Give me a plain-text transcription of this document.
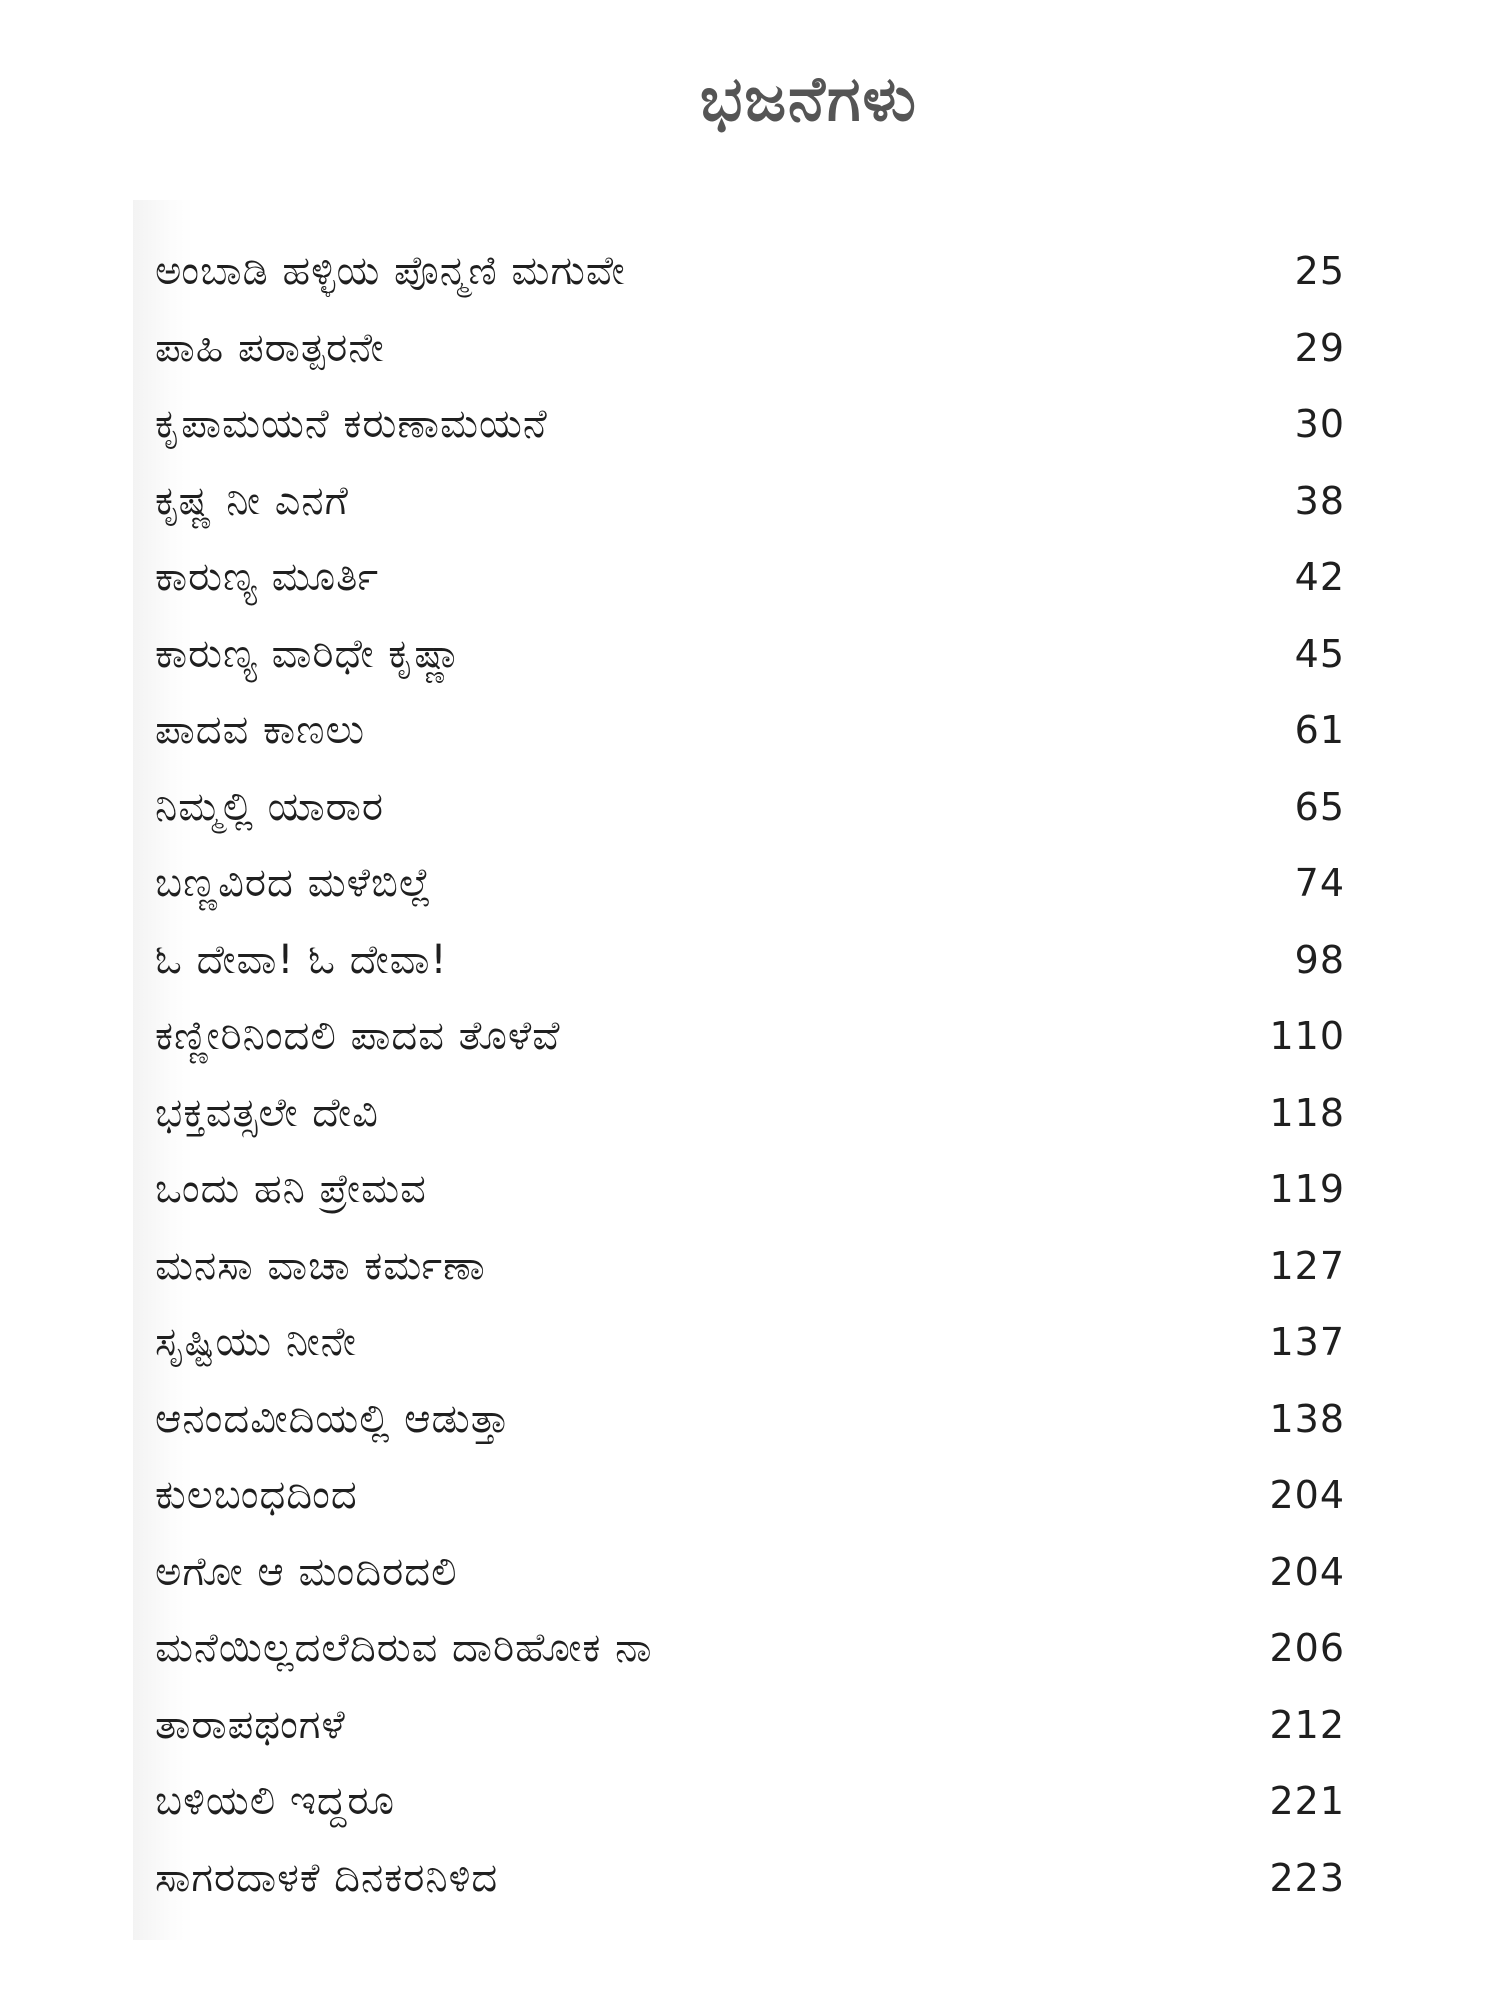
ಭಜನೆಗಳು
ಅಂಬಾಡಿ ಹಳ್ಳಿಯ ಪೊನ್ಮಣಿ ಮಗುವೇ	25
ಪಾಹಿ ಪರಾತ್ಪರನೇ	29
ಕೃಪಾಮಯನೆ ಕರುಣಾಮಯನೆ	30
ಕೃಷ್ಣ ನೀ ಎನಗೆ	38
ಕಾರುಣ್ಯ ಮೂರ್ತಿ	42
ಕಾರುಣ್ಯ ವಾರಿಧೇ ಕೃಷ್ಣಾ	45
ಪಾದವ ಕಾಣಲು	61
ನಿಮ್ಮಲ್ಲಿ ಯಾರಾರ	65
ಬಣ್ಣವಿರದ ಮಳೆಬಿಲ್ಲೆ	74
ಓ ದೇವಾ! ಓ ದೇವಾ!	98
ಕಣ್ಣೀರಿನಿಂದಲಿ ಪಾದವ ತೊಳೆವೆ	110
ಭಕ್ತವತ್ಸಲೇ ದೇವಿ	118
ಒಂದು ಹನಿ ಪ್ರೇಮವ	119
ಮನಸಾ ವಾಚಾ ಕರ್ಮಣಾ	127
ಸೃಷ್ಟಿಯು ನೀನೇ	137
ಆನಂದವೀದಿಯಲ್ಲಿ ಆಡುತ್ತಾ	138
ಕುಲಬಂಧದಿಂದ	204
ಅಗೋ ಆ ಮಂದಿರದಲಿ	204
ಮನೆಯಿಲ್ಲದಲೆದಿರುವ ದಾರಿಹೋಕ ನಾ	206
ತಾರಾಪಥಂಗಳೆ	212
ಬಳಿಯಲಿ ಇದ್ದರೂ	221
ಸಾಗರದಾಳಕೆ ದಿನಕರನಿಳಿದ	223
